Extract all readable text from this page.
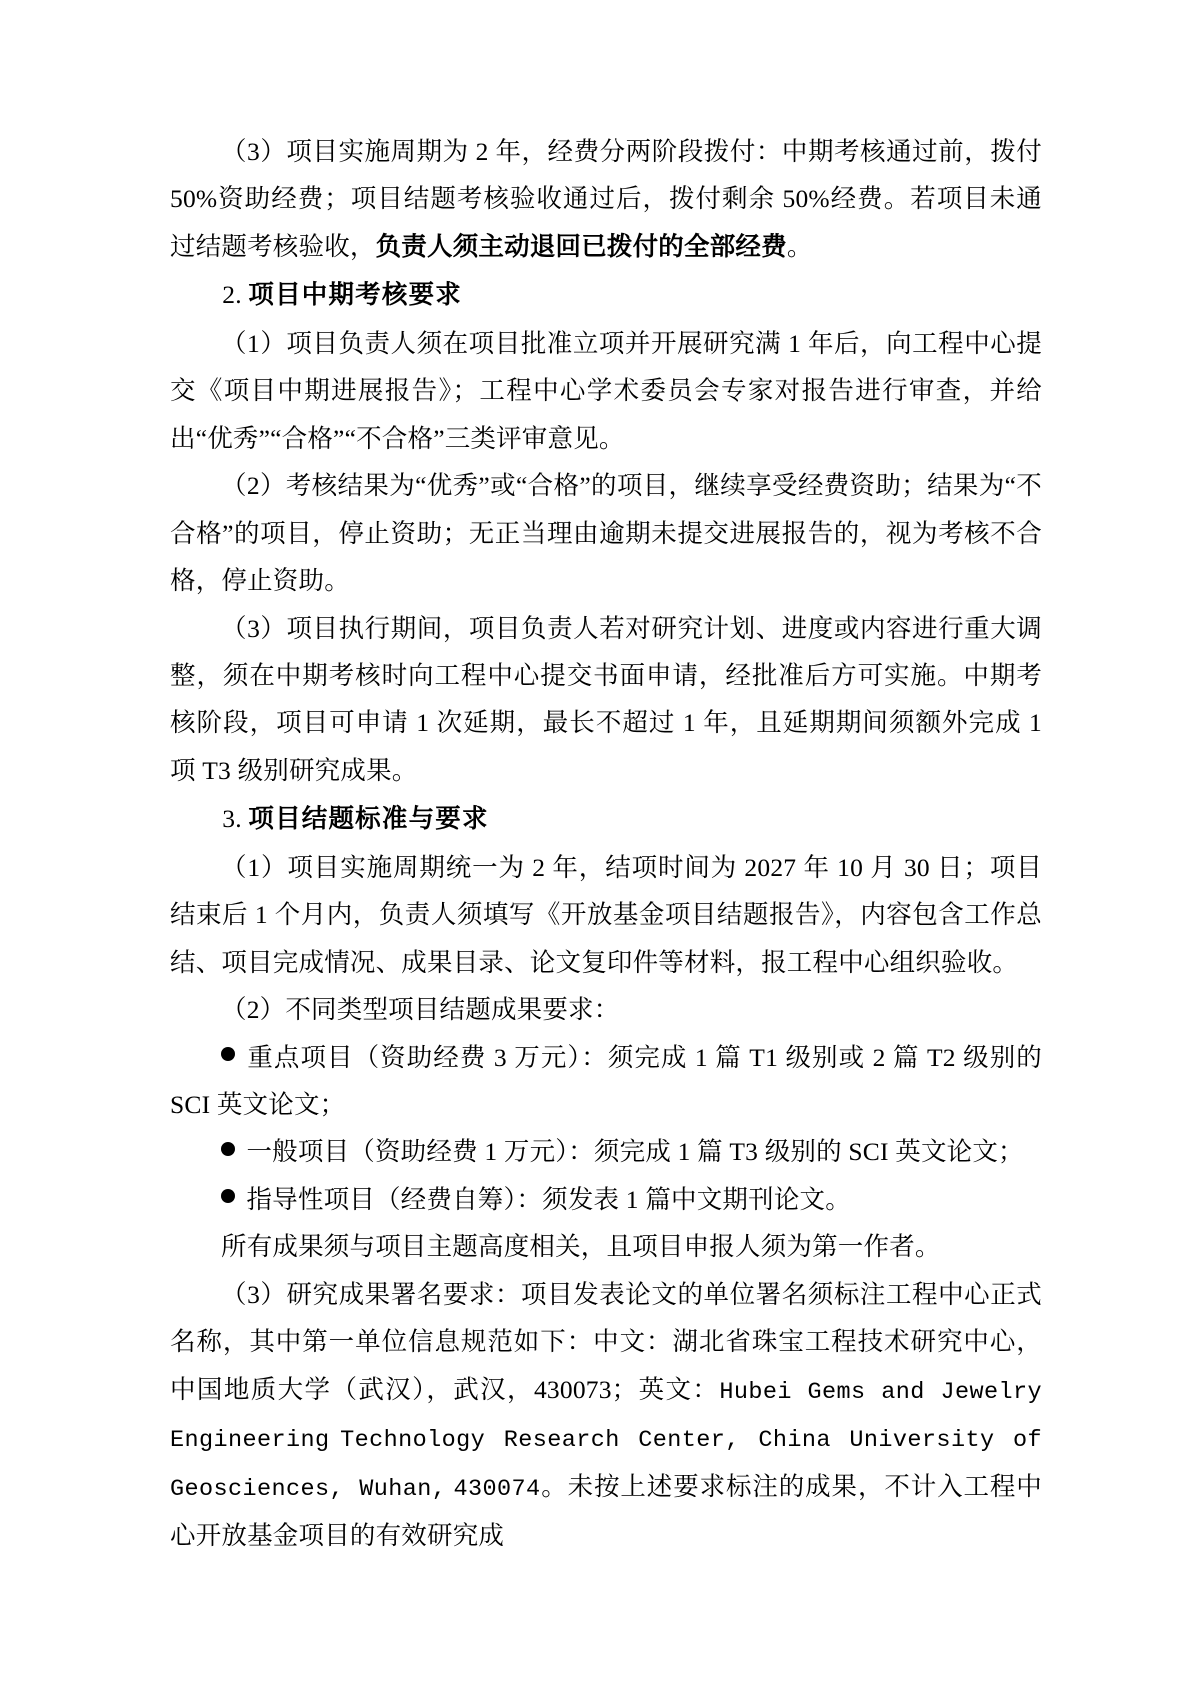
（3）项目实施周期为 2 年，经费分两阶段拨付：中期考核通过前，拨付 50%资助经费；项目结题考核验收通过后，拨付剩余 50%经费。若项目未通过结题考核验收，负责人须主动退回已拨付的全部经费。

2. 项目中期考核要求

（1）项目负责人须在项目批准立项并开展研究满 1 年后，向工程中心提交《项目中期进展报告》；工程中心学术委员会专家对报告进行审查，并给出“优秀”“合格”“不合格”三类评审意见。

（2）考核结果为“优秀”或“合格”的项目，继续享受经费资助；结果为“不合格”的项目，停止资助；无正当理由逾期未提交进展报告的，视为考核不合格，停止资助。

（3）项目执行期间，项目负责人若对研究计划、进度或内容进行重大调整，须在中期考核时向工程中心提交书面申请，经批准后方可实施。中期考核阶段，项目可申请 1 次延期，最长不超过 1 年，且延期期间须额外完成 1 项 T3 级别研究成果。

3. 项目结题标准与要求

（1）项目实施周期统一为 2 年，结项时间为 2027 年 10 月 30 日；项目结束后 1 个月内，负责人须填写《开放基金项目结题报告》，内容包含工作总结、项目完成情况、成果目录、论文复印件等材料，报工程中心组织验收。

（2）不同类型项目结题成果要求：

重点项目（资助经费 3 万元）：须完成 1 篇 T1 级别或 2 篇 T2 级别的 SCI 英文论文；
一般项目（资助经费 1 万元）：须完成 1 篇 T3 级别的 SCI 英文论文；
指导性项目（经费自筹）：须发表 1 篇中文期刊论文。

所有成果须与项目主题高度相关，且项目申报人须为第一作者。

（3）研究成果署名要求：项目发表论文的单位署名须标注工程中心正式名称，其中第一单位信息规范如下：中文：湖北省珠宝工程技术研究中心，中国地质大学（武汉），武汉，430073；英文：Hubei Gems and Jewelry Engineering Technology Research Center, China University of Geosciences, Wuhan, 430074。未按上述要求标注的成果，不计入工程中心开放基金项目的有效研究成
